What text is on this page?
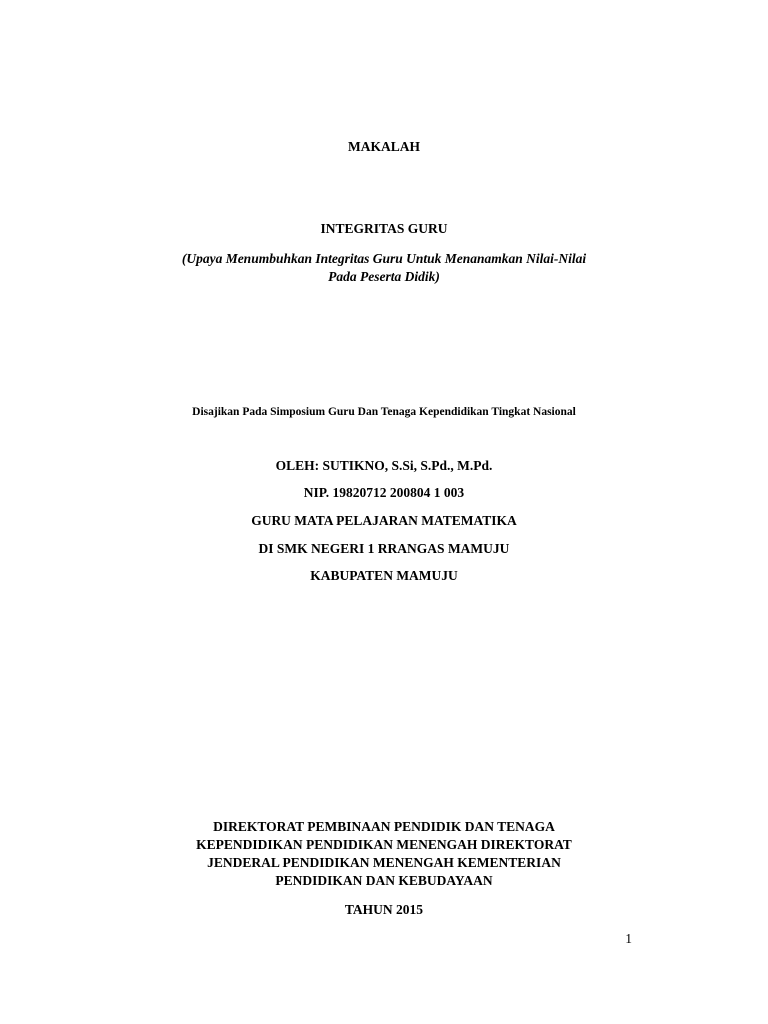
MAKALAH
INTEGRITAS GURU
(Upaya Menumbuhkan Integritas Guru Untuk Menanamkan Nilai-Nilai
Pada Peserta Didik)
Disajikan Pada Simposium Guru Dan Tenaga Kependidikan Tingkat Nasional
OLEH: SUTIKNO, S.Si, S.Pd., M.Pd.
NIP. 19820712 200804 1 003
GURU MATA PELAJARAN MATEMATIKA
DI SMK NEGERI 1 RRANGAS MAMUJU
KABUPATEN MAMUJU
DIREKTORAT PEMBINAAN PENDIDIK DAN TENAGA
KEPENDIDIKAN PENDIDIKAN MENENGAH DIREKTORAT
JENDERAL PENDIDIKAN MENENGAH KEMENTERIAN
PENDIDIKAN DAN KEBUDAYAAN
TAHUN 2015
1
